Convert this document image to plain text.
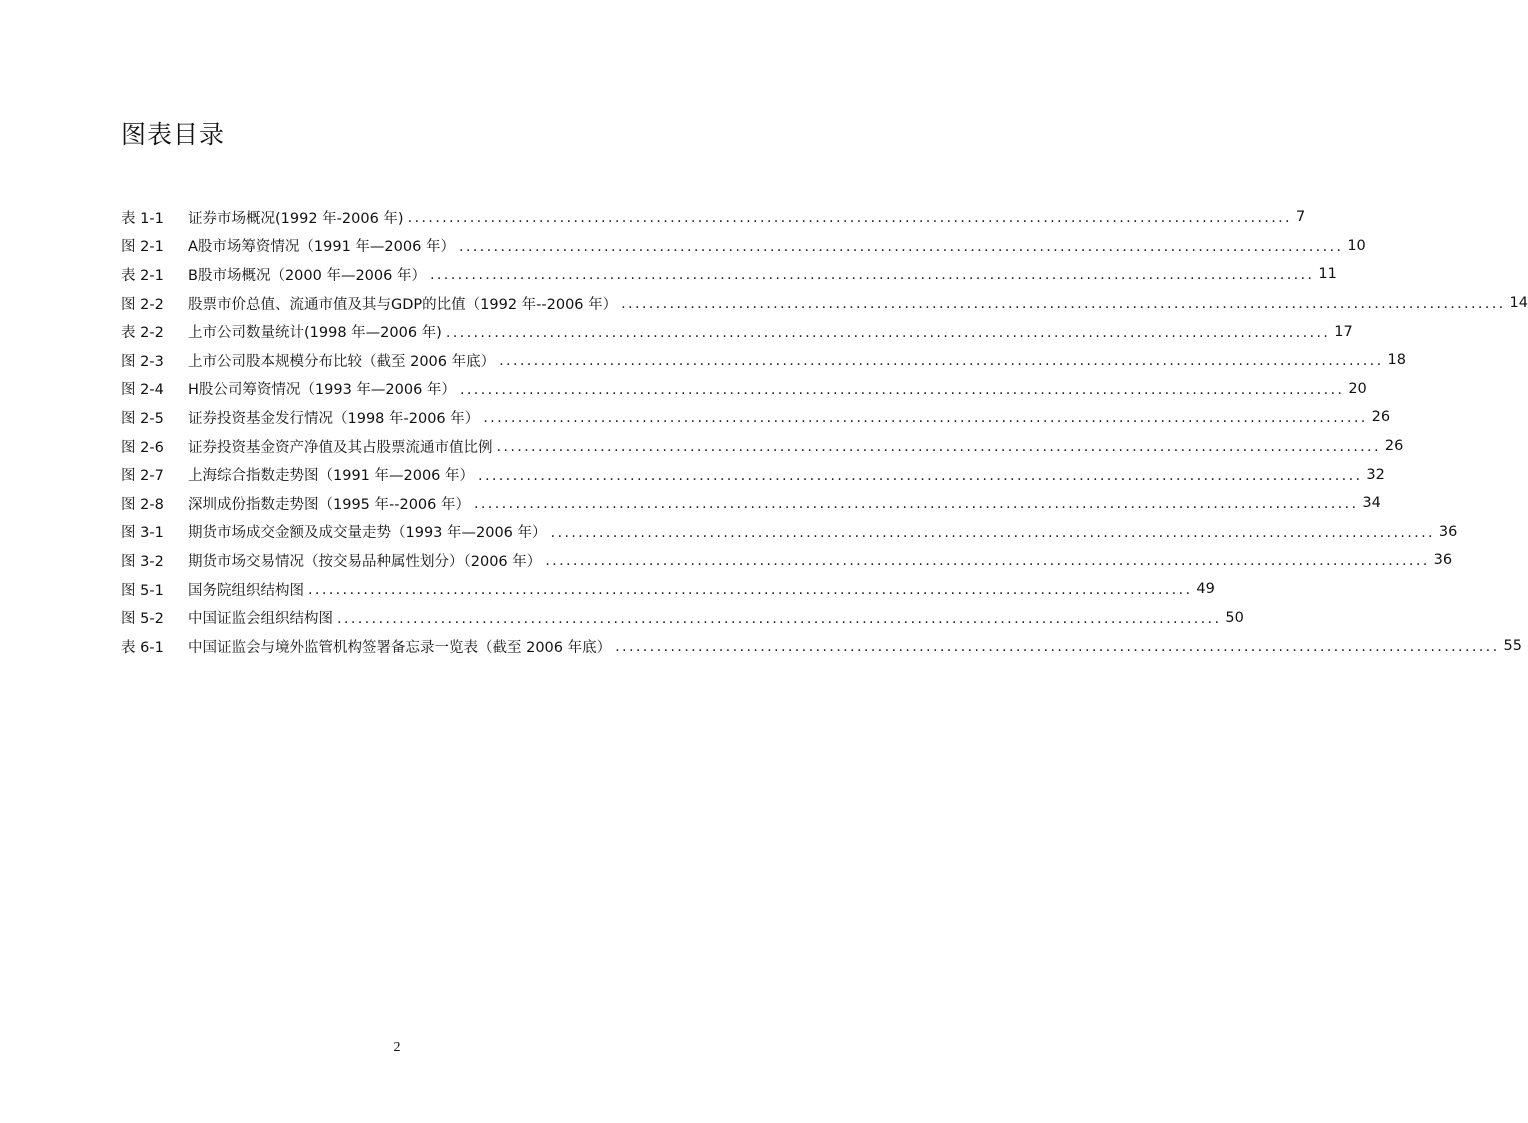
图表目录
表 1-1	证券市场概况(1992 年-2006 年) ................................................................................................................................ 7
图 2-1	A股市场筹资情况（1991 年—2006 年） ................................................................................................................................ 10
表 2-1	B股市场概况（2000 年—2006 年） ................................................................................................................................ 11
图 2-2	股票市价总值、流通市值及其与GDP的比值（1992 年--2006 年） ................................................................................................................................ 14
表 2-2	上市公司数量统计(1998 年—2006 年) ................................................................................................................................ 17
图 2-3	上市公司股本规模分布比较（截至 2006 年底） ................................................................................................................................ 18
图 2-4	H股公司筹资情况（1993 年—2006 年） ................................................................................................................................ 20
图 2-5	证券投资基金发行情况（1998 年-2006 年） ................................................................................................................................ 26
图 2-6	证券投资基金资产净值及其占股票流通市值比例 ................................................................................................................................ 26
图 2-7	上海综合指数走势图（1991 年—2006 年） ................................................................................................................................ 32
图 2-8	深圳成份指数走势图（1995 年--2006 年） ................................................................................................................................ 34
图 3-1	期货市场成交金额及成交量走势（1993 年—2006 年） ................................................................................................................................ 36
图 3-2	期货市场交易情况（按交易品种属性划分）（2006 年） ................................................................................................................................ 36
图 5-1	国务院组织结构图 ................................................................................................................................ 49
图 5-2	中国证监会组织结构图 ................................................................................................................................ 50
表 6-1	中国证监会与境外监管机构签署备忘录一览表（截至 2006 年底） ................................................................................................................................ 55
2
